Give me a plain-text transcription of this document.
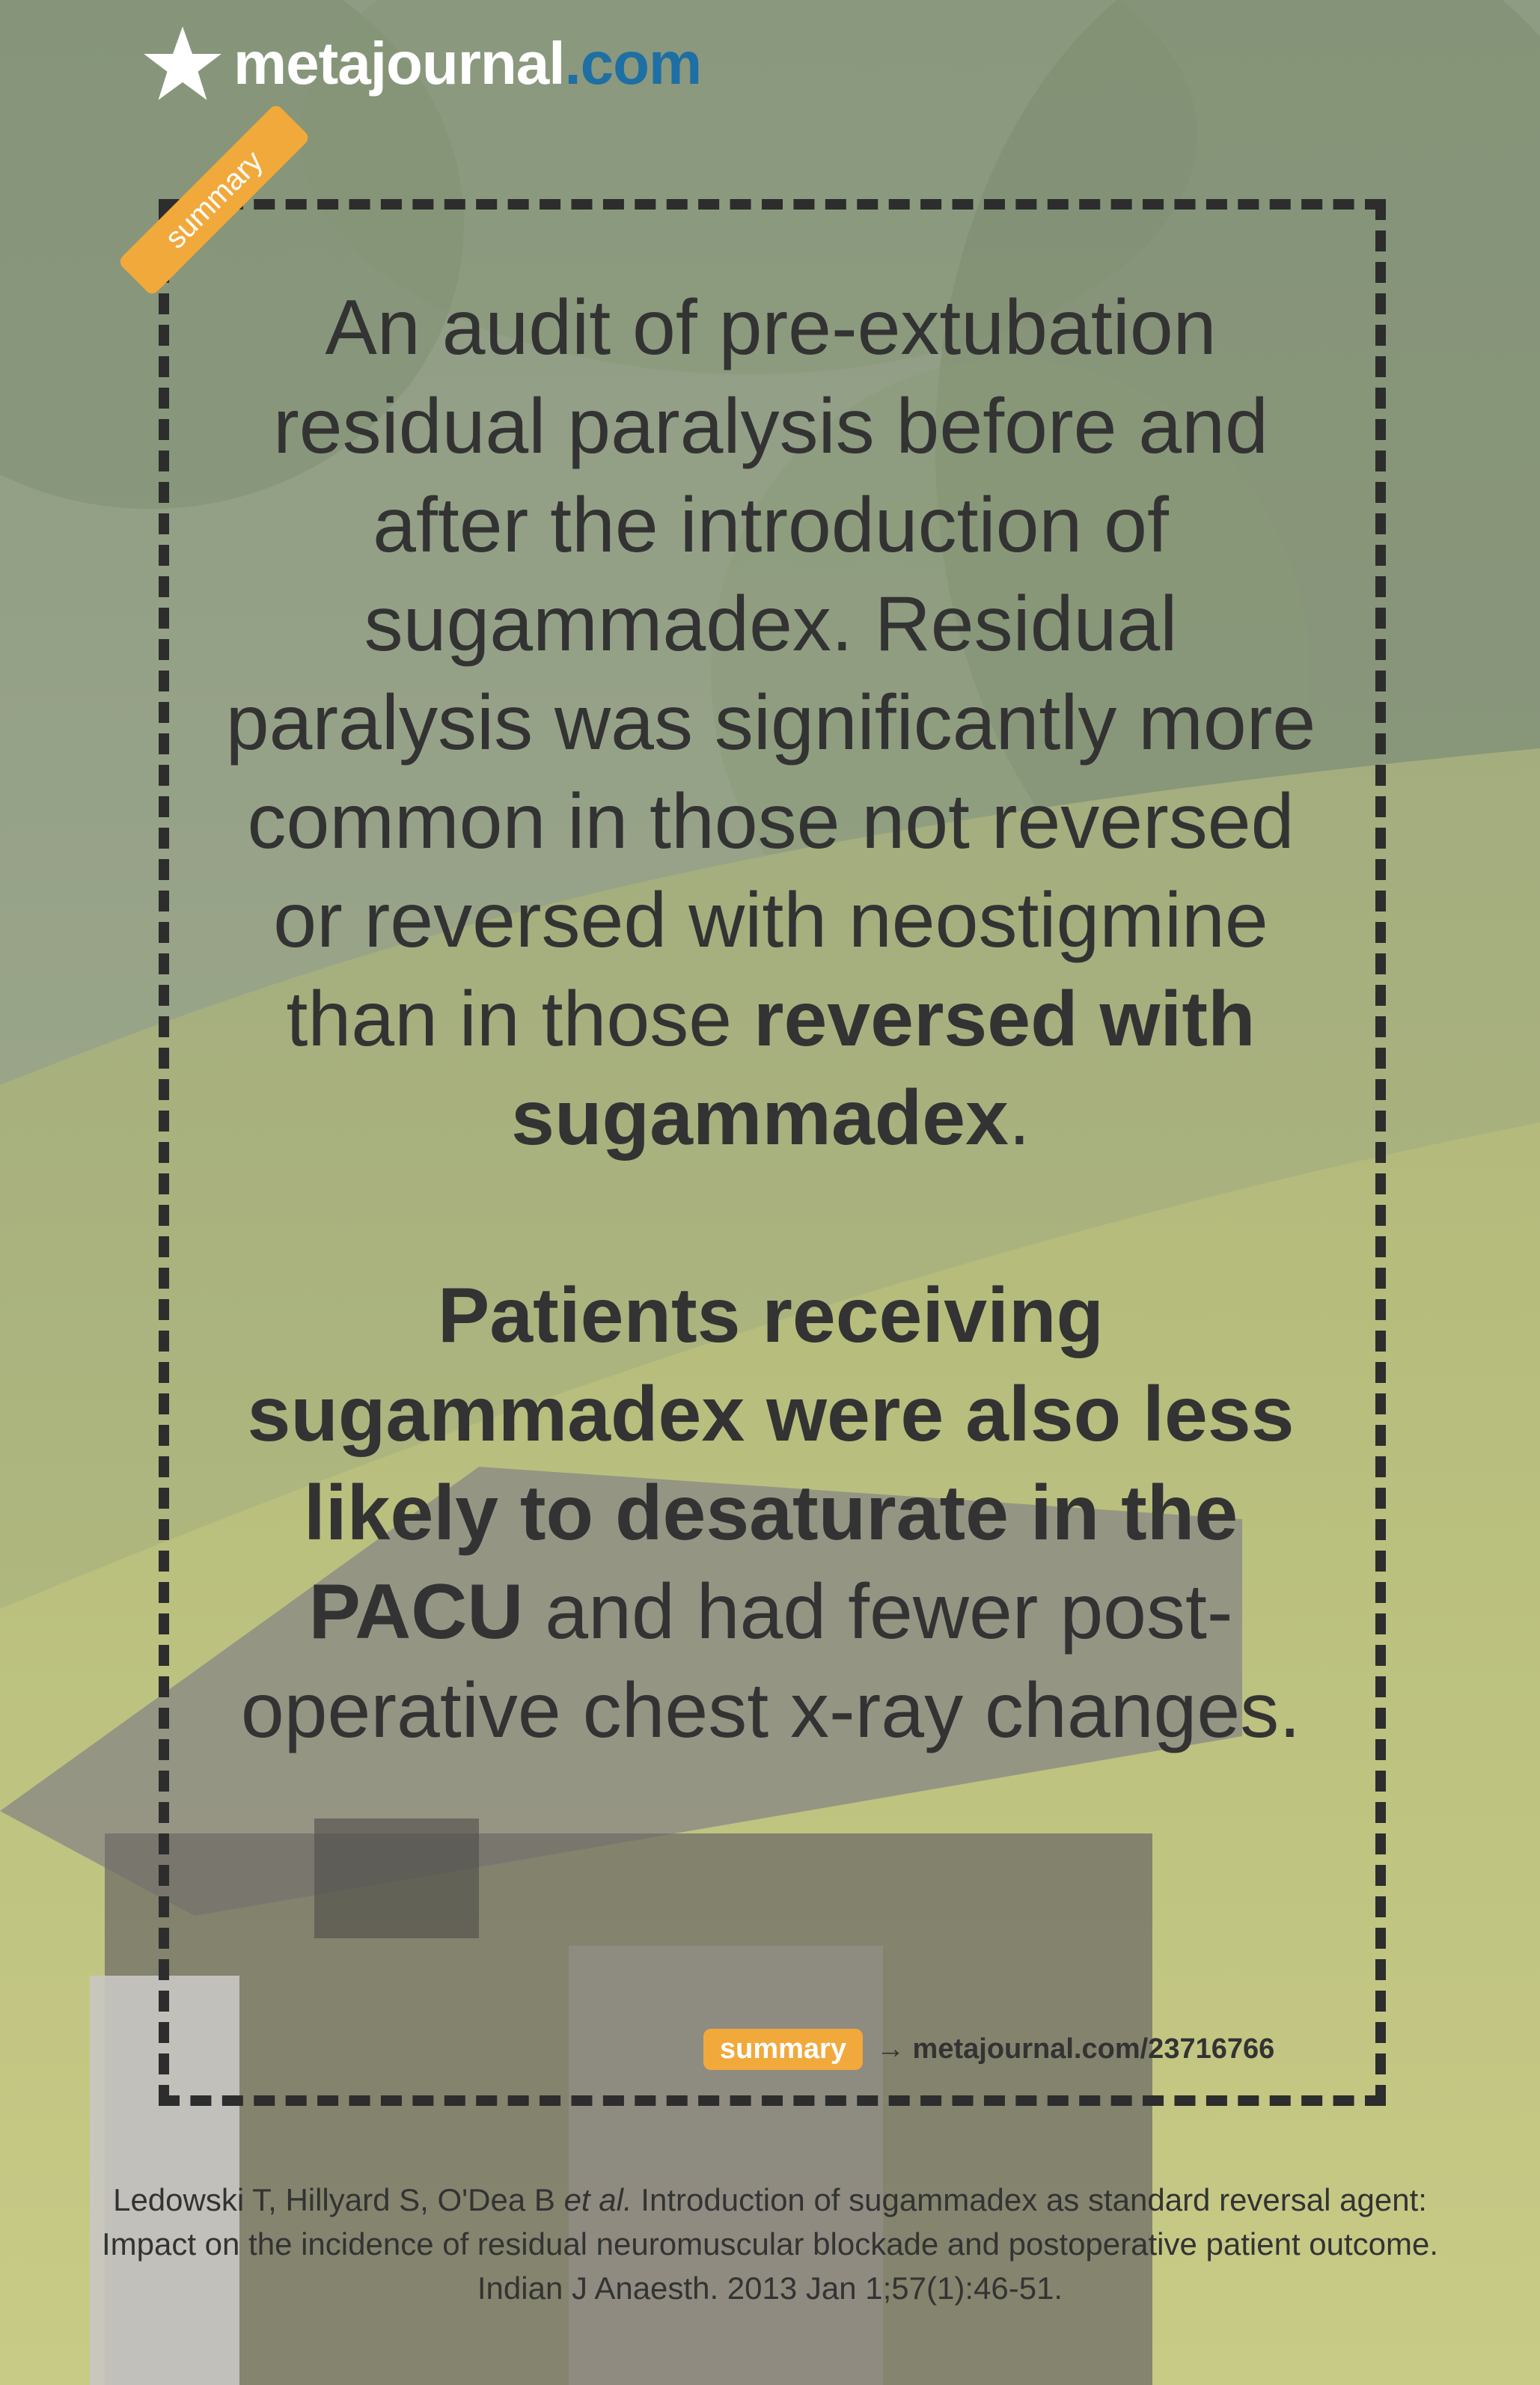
metajournal.com
summary

An audit of pre-extubation residual paralysis before and after the introduction of sugammadex. Residual paralysis was significantly more common in those not reversed or reversed with neostigmine than in those reversed with sugammadex.

Patients receiving sugammadex were also less likely to desaturate in the PACU and had fewer post-operative chest x-ray changes.

summary	→ metajournal.com/23716766
Ledowski T, Hillyard S, O'Dea B et al. Introduction of sugammadex as standard reversal agent: Impact on the incidence of residual neuromuscular blockade and postoperative patient outcome. Indian J Anaesth. 2013 Jan 1;57(1):46-51.
